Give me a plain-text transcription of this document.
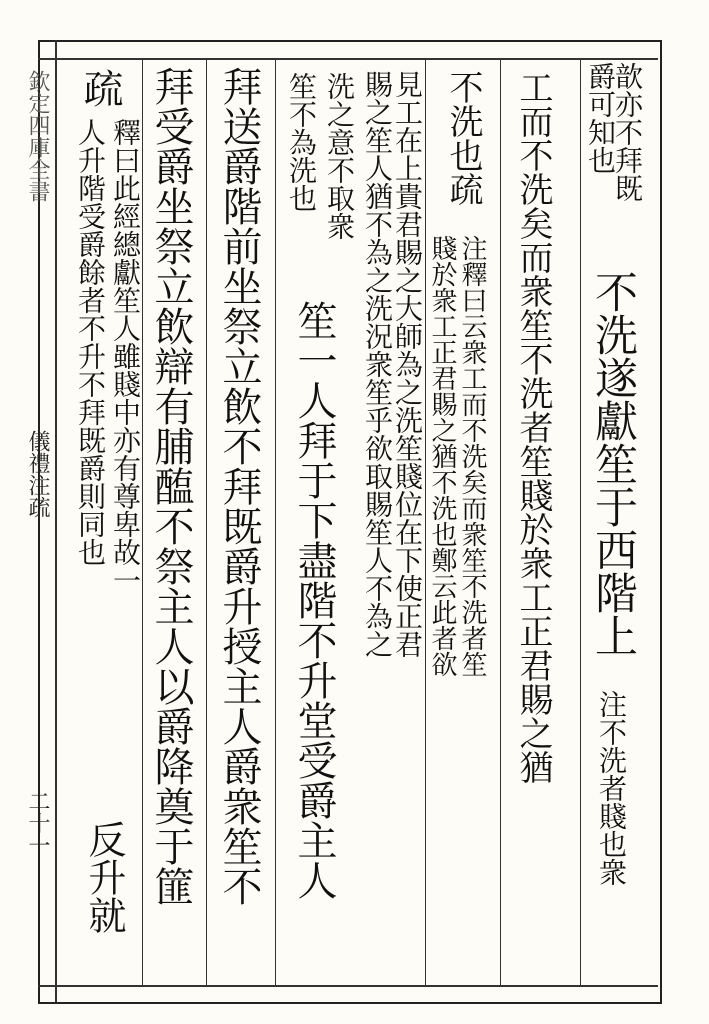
欽定四庫全書
儀禮注疏
二十一
歆亦不拜既
爵可知也
不洗遂獻笙于西階上
注不洗者賤也衆
工而不洗矣而衆笙不洗者笙賤於衆工正君賜之猶
不洗也疏
注釋曰云衆工而不洗矣而衆笙不洗者笙
賤於衆工正君賜之猶不洗也鄭云此者欲
見工在上貴君賜之大師為之洗笙賤位在下使正君
賜之笙人猶不為之洗況衆笙乎欲取賜笙人不為之
洗之意不取衆
笙不為洗也
笙一人拜于下盡階不升堂受爵主人
拜送爵階前坐祭立飲不拜既爵升授主人爵衆笙不
拜受爵坐祭立飲辯有脯醢不祭主人以爵降奠于篚
疏
釋曰此經總獻笙人雖賤中亦有尊卑故一
人升階受爵餘者不升不拜既爵則同也
反升就
